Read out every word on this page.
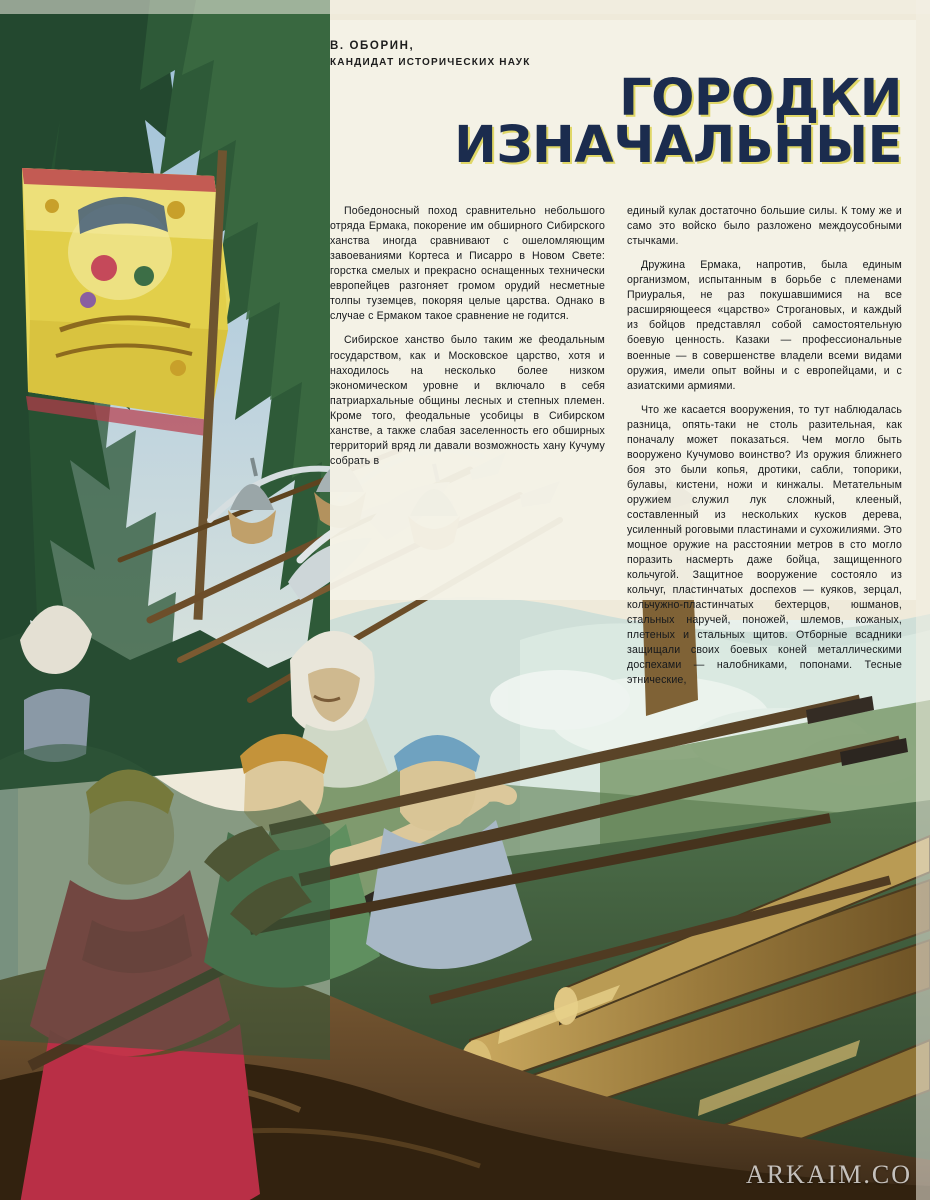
В. ОБОРИН,
КАНДИДАТ ИСТОРИЧЕСКИХ НАУК
ГОРОДКИ
ИЗНАЧАЛЬНЫЕ

Победоносный поход сравнительно небольшого отряда Ермака, покорение им обширного Сибирского ханства иногда сравнивают с ошеломляющим завоеваниями Кортеса и Писарро в Новом Свете: горстка смелых и прекрасно оснащенных технически европейцев разгоняет громом орудий несметные толпы туземцев, покоряя целые царства. Однако в случае с Ермаком такое сравнение не годится.

Сибирское ханство было таким же феодальным государством, как и Московское царство, хотя и находилось на несколько более низком экономическом уровне и включало в себя патриархальные общины лесных и степных племен. Кроме того, феодальные усобицы в Сибирском ханстве, а также слабая заселенность его обширных территорий вряд ли давали возможность хану Кучуму собрать в

единый кулак достаточно большие силы. К тому же и само это войско было разложено междоусобными стычками.

Дружина Ермака, напротив, была единым организмом, испытанным в борьбе с племенами Приуралья, не раз покушавшимися на все расширяющееся «царство» Строгановых, и каждый из бойцов представлял собой самостоятельную боевую ценность. Казаки — профессиональные военные — в совершенстве владели всеми видами оружия, имели опыт войны и с европейцами, и с азиатскими армиями.

Что же касается вооружения, то тут наблюдалась разница, опять-таки не столь разительная, как поначалу может показаться. Чем могло быть вооружено Кучумово воинство? Из оружия ближнего боя это были копья, дротики, сабли, топорики, булавы, кистени, ножи и кинжалы. Метательным оружием служил лук сложный, клееный, составленный из нескольких кусков дерева, усиленный роговыми пластинами и сухожилиями. Это мощное оружие на расстоянии метров в сто могло поразить насмерть даже бойца, защищенного кольчугой. Защитное вооружение состояло из кольчуг, пластинчатых доспехов — куяков, зерцал, кольчужно-пластинчатых бехтерцов, юшманов, стальных наручей, поножей, шлемов, кожаных, плетеных и стальных щитов. Отборные всадники защищали своих боевых коней металлическими доспехами — налобниками, попонами. Тесные этнические,

ARKAIM.CO
